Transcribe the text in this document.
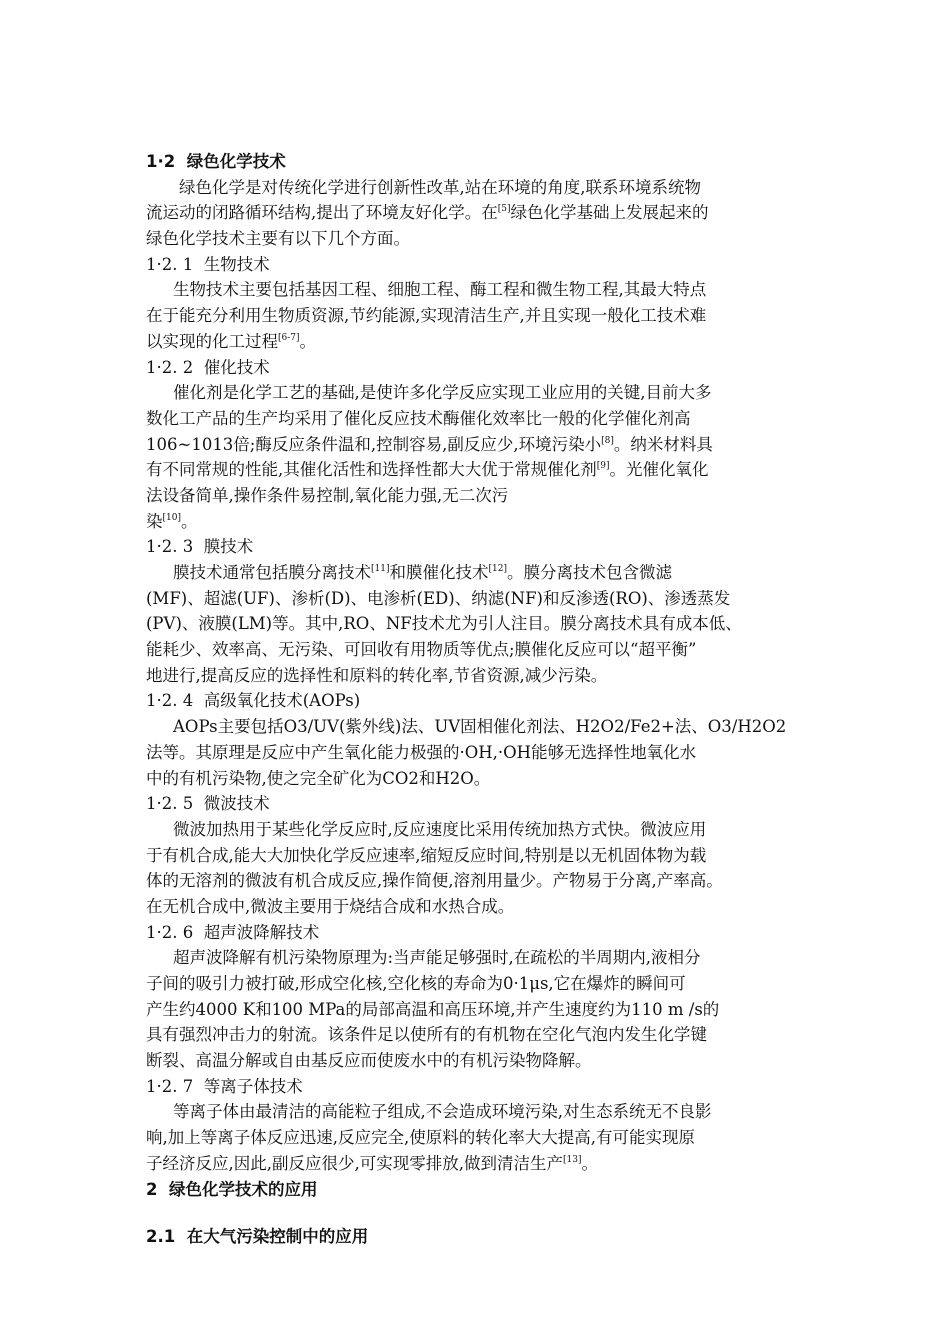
1·2  绿色化学技术
绿色化学是对传统化学进行创新性改革,站在环境的角度,联系环境系统物
流运动的闭路循环结构,提出了环境友好化学。在[5]绿色化学基础上发展起来的
绿色化学技术主要有以下几个方面。
1·2. 1  生物技术
生物技术主要包括基因工程、细胞工程、酶工程和微生物工程,其最大特点
在于能充分利用生物质资源,节约能源,实现清洁生产,并且实现一般化工技术难
以实现的化工过程[6-7]。
1·2. 2  催化技术
催化剂是化学工艺的基础,是使许多化学反应实现工业应用的关键,目前大多
数化工产品的生产均采用了催化反应技术酶催化效率比一般的化学催化剂高
106~1013倍;酶反应条件温和,控制容易,副反应少,环境污染小[8]。纳米材料具
有不同常规的性能,其催化活性和选择性都大大优于常规催化剂[9]。光催化氧化
法设备简单,操作条件易控制,氧化能力强,无二次污
染[10]。
1·2. 3  膜技术
膜技术通常包括膜分离技术[11]和膜催化技术[12]。膜分离技术包含微滤
(MF)、超滤(UF)、渗析(D)、电渗析(ED)、纳滤(NF)和反渗透(RO)、渗透蒸发
(PV)、液膜(LM)等。其中,RO、NF技术尤为引人注目。膜分离技术具有成本低、
能耗少、效率高、无污染、可回收有用物质等优点;膜催化反应可以“超平衡”
地进行,提高反应的选择性和原料的转化率,节省资源,减少污染。
1·2. 4  高级氧化技术(AOPs)
AOPs主要包括O3/UV(紫外线)法、UV固相催化剂法、H2O2/Fe2+法、O3/H2O2
法等。其原理是反应中产生氧化能力极强的·OH,·OH能够无选择性地氧化水
中的有机污染物,使之完全矿化为CO2和H2O。
1·2. 5  微波技术
微波加热用于某些化学反应时,反应速度比采用传统加热方式快。微波应用
于有机合成,能大大加快化学反应速率,缩短反应时间,特别是以无机固体物为载
体的无溶剂的微波有机合成反应,操作简便,溶剂用量少。产物易于分离,产率高。
在无机合成中,微波主要用于烧结合成和水热合成。
1·2. 6  超声波降解技术
超声波降解有机污染物原理为:当声能足够强时,在疏松的半周期内,液相分
子间的吸引力被打破,形成空化核,空化核的寿命为0·1μs,它在爆炸的瞬间可
产生约4000 K和100 MPa的局部高温和高压环境,并产生速度约为110 m /s的
具有强烈冲击力的射流。该条件足以使所有的有机物在空化气泡内发生化学键
断裂、高温分解或自由基反应而使废水中的有机污染物降解。
1·2. 7  等离子体技术
等离子体由最清洁的高能粒子组成,不会造成环境污染,对生态系统无不良影
响,加上等离子体反应迅速,反应完全,使原料的转化率大大提高,有可能实现原
子经济反应,因此,副反应很少,可实现零排放,做到清洁生产[13]。
2  绿色化学技术的应用
2.1  在大气污染控制中的应用
